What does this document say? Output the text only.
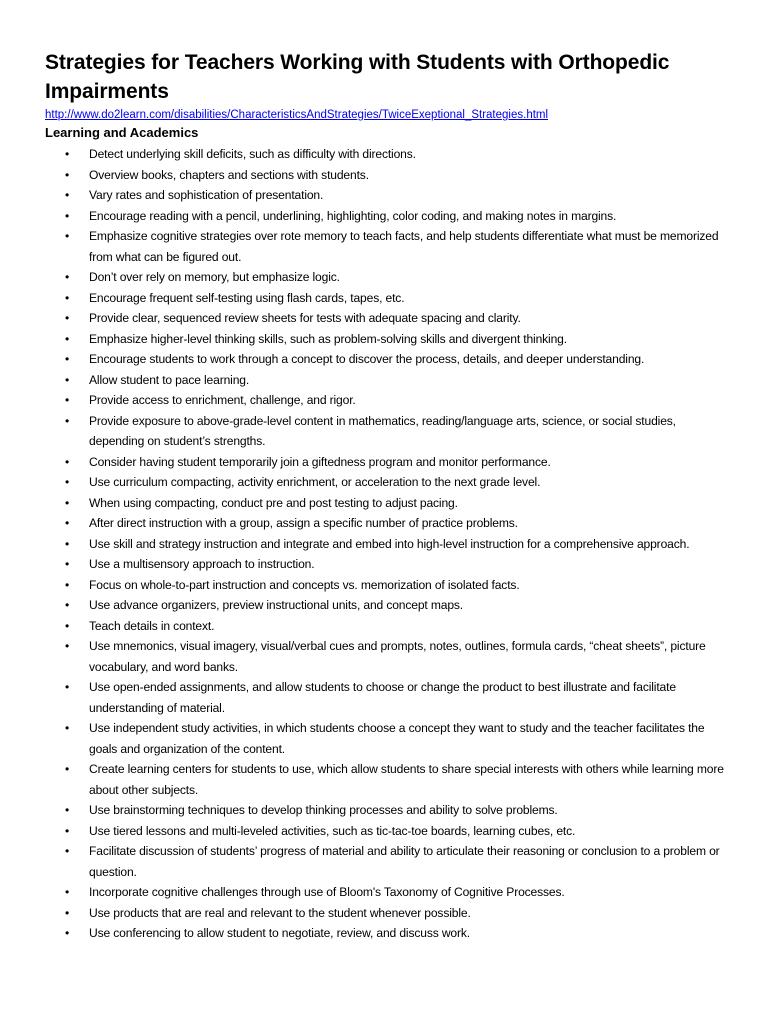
Strategies for Teachers Working with Students with Orthopedic Impairments
http://www.do2learn.com/disabilities/CharacteristicsAndStrategies/TwiceExeptional_Strategies.html
Learning and Academics
• Detect underlying skill deficits, such as difficulty with directions.
• Overview books, chapters and sections with students.
• Vary rates and sophistication of presentation.
• Encourage reading with a pencil, underlining, highlighting, color coding, and making notes in margins.
• Emphasize cognitive strategies over rote memory to teach facts, and help students differentiate what must be memorized from what can be figured out.
• Don’t over rely on memory, but emphasize logic.
• Encourage frequent self-testing using flash cards, tapes, etc.
• Provide clear, sequenced review sheets for tests with adequate spacing and clarity.
• Emphasize higher-level thinking skills, such as problem-solving skills and divergent thinking.
• Encourage students to work through a concept to discover the process, details, and deeper understanding.
• Allow student to pace learning.
• Provide access to enrichment, challenge, and rigor.
• Provide exposure to above-grade-level content in mathematics, reading/language arts, science, or social studies, depending on student’s strengths.
• Consider having student temporarily join a giftedness program and monitor performance.
• Use curriculum compacting, activity enrichment, or acceleration to the next grade level.
• When using compacting, conduct pre and post testing to adjust pacing.
• After direct instruction with a group, assign a specific number of practice problems.
• Use skill and strategy instruction and integrate and embed into high-level instruction for a comprehensive approach.
• Use a multisensory approach to instruction.
• Focus on whole-to-part instruction and concepts vs. memorization of isolated facts.
• Use advance organizers, preview instructional units, and concept maps.
• Teach details in context.
• Use mnemonics, visual imagery, visual/verbal cues and prompts, notes, outlines, formula cards, “cheat sheets”, picture vocabulary, and word banks.
• Use open-ended assignments, and allow students to choose or change the product to best illustrate and facilitate understanding of material.
• Use independent study activities, in which students choose a concept they want to study and the teacher facilitates the goals and organization of the content.
• Create learning centers for students to use, which allow students to share special interests with others while learning more about other subjects.
• Use brainstorming techniques to develop thinking processes and ability to solve problems.
• Use tiered lessons and multi-leveled activities, such as tic-tac-toe boards, learning cubes, etc.
• Facilitate discussion of students’ progress of material and ability to articulate their reasoning or conclusion to a problem or question.
• Incorporate cognitive challenges through use of Bloom's Taxonomy of Cognitive Processes.
• Use products that are real and relevant to the student whenever possible.
• Use conferencing to allow student to negotiate, review, and discuss work.
